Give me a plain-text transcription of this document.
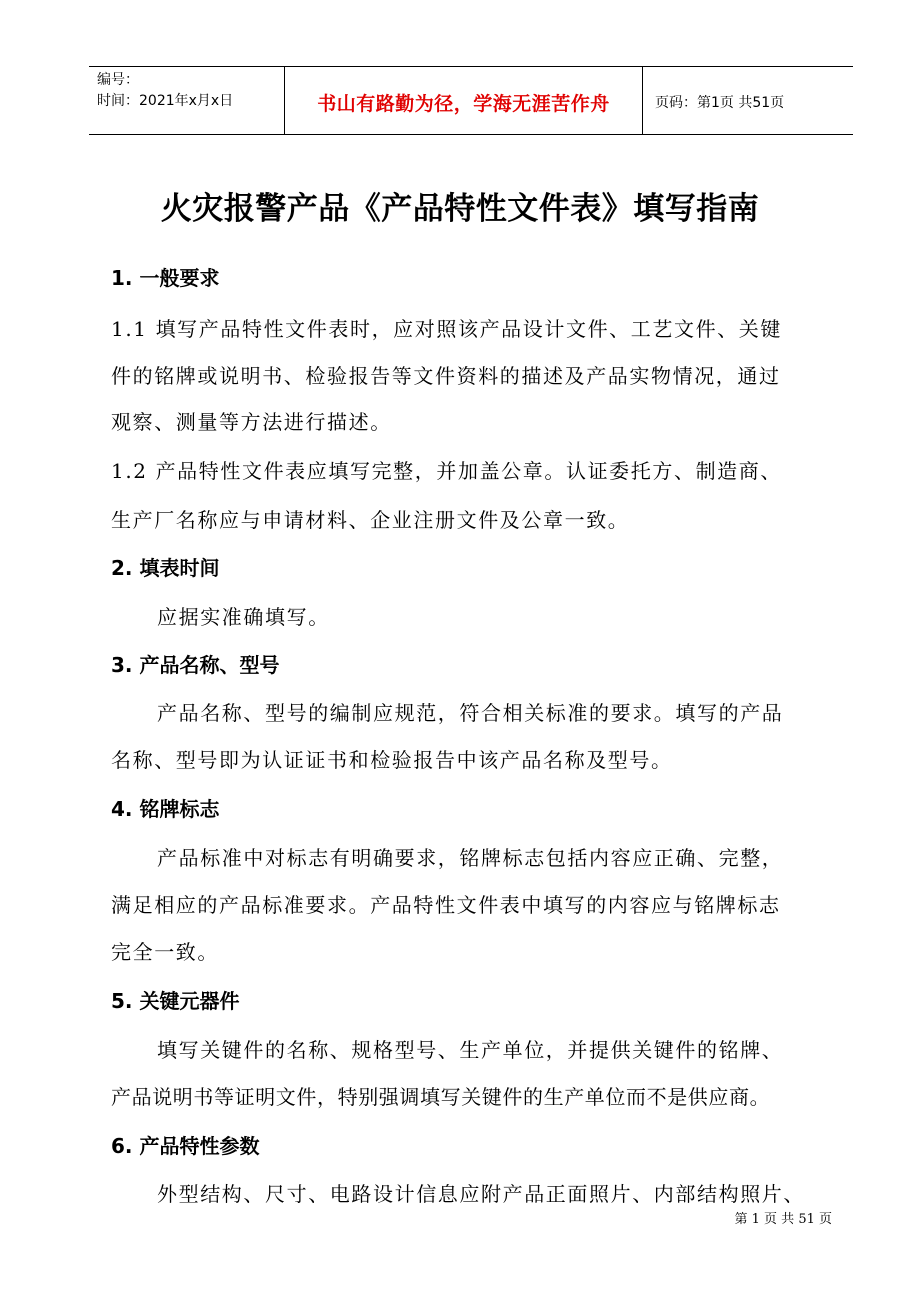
编号：
时间：2021年x月x日	书山有路勤为径，学海无涯苦作舟	页码：第1页 共51页
火灾报警产品《产品特性文件表》填写指南
1. 一般要求
1.1 填写产品特性文件表时，应对照该产品设计文件、工艺文件、关键
件的铭牌或说明书、检验报告等文件资料的描述及产品实物情况，通过
观察、测量等方法进行描述。
1.2 产品特性文件表应填写完整，并加盖公章。认证委托方、制造商、
生产厂名称应与申请材料、企业注册文件及公章一致。
2. 填表时间
应据实准确填写。
3. 产品名称、型号
产品名称、型号的编制应规范，符合相关标准的要求。填写的产品
名称、型号即为认证证书和检验报告中该产品名称及型号。
4. 铭牌标志
产品标准中对标志有明确要求，铭牌标志包括内容应正确、完整，
满足相应的产品标准要求。产品特性文件表中填写的内容应与铭牌标志
完全一致。
5. 关键元器件
填写关键件的名称、规格型号、生产单位，并提供关键件的铭牌、
产品说明书等证明文件，特别强调填写关键件的生产单位而不是供应商。
6. 产品特性参数
外型结构、尺寸、电路设计信息应附产品正面照片、内部结构照片、
第 1 页 共 51 页
